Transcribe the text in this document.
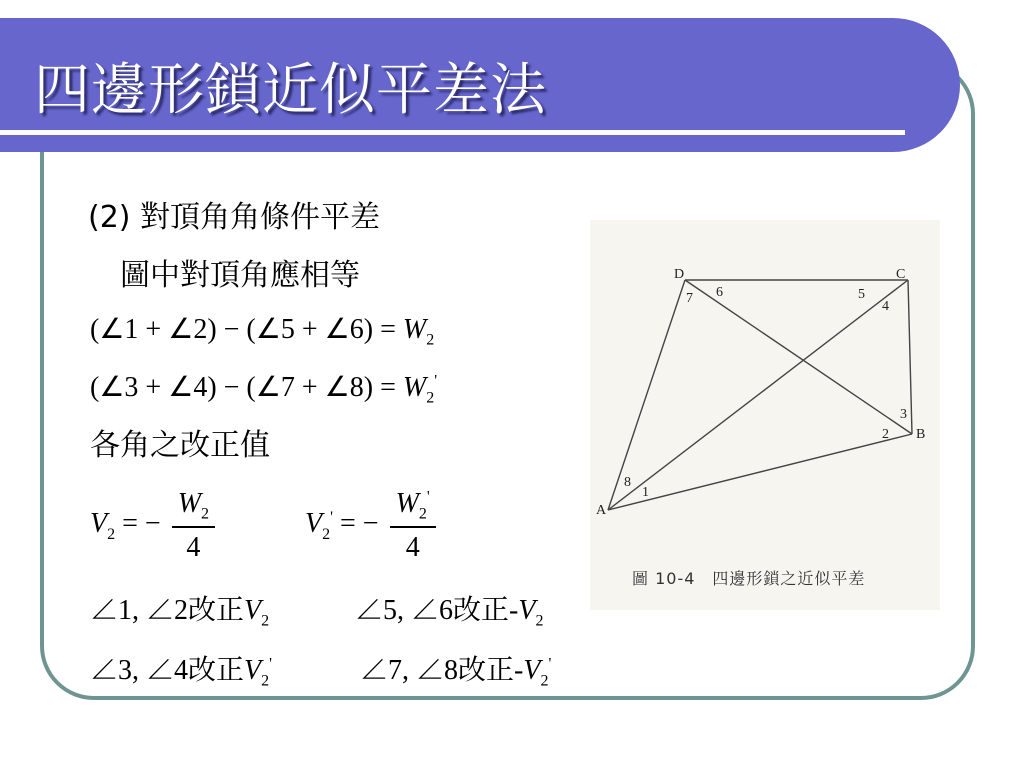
四邊形鎖近似平差法
(2) 對頂角角條件平差
圖中對頂角應相等
(∠1 + ∠2) − (∠5 + ∠6) = $W_2$
(∠3 + ∠4) − (∠7 + ∠8) = $W_2'$
各角之改正值
$V_2$ = − $\frac{W_2}{4}$	$V_2'$ = − $\frac{W_2'}{4}$
∠1, ∠2改正$V_2$	∠5, ∠6改正$-V_2$
∠3, ∠4改正$V_2'$	∠7, ∠8改正$-V_2'$
D	C
B
A
1
2
3
4
5
6
7
8
圖 10-4　四邊形鎖之近似平差
